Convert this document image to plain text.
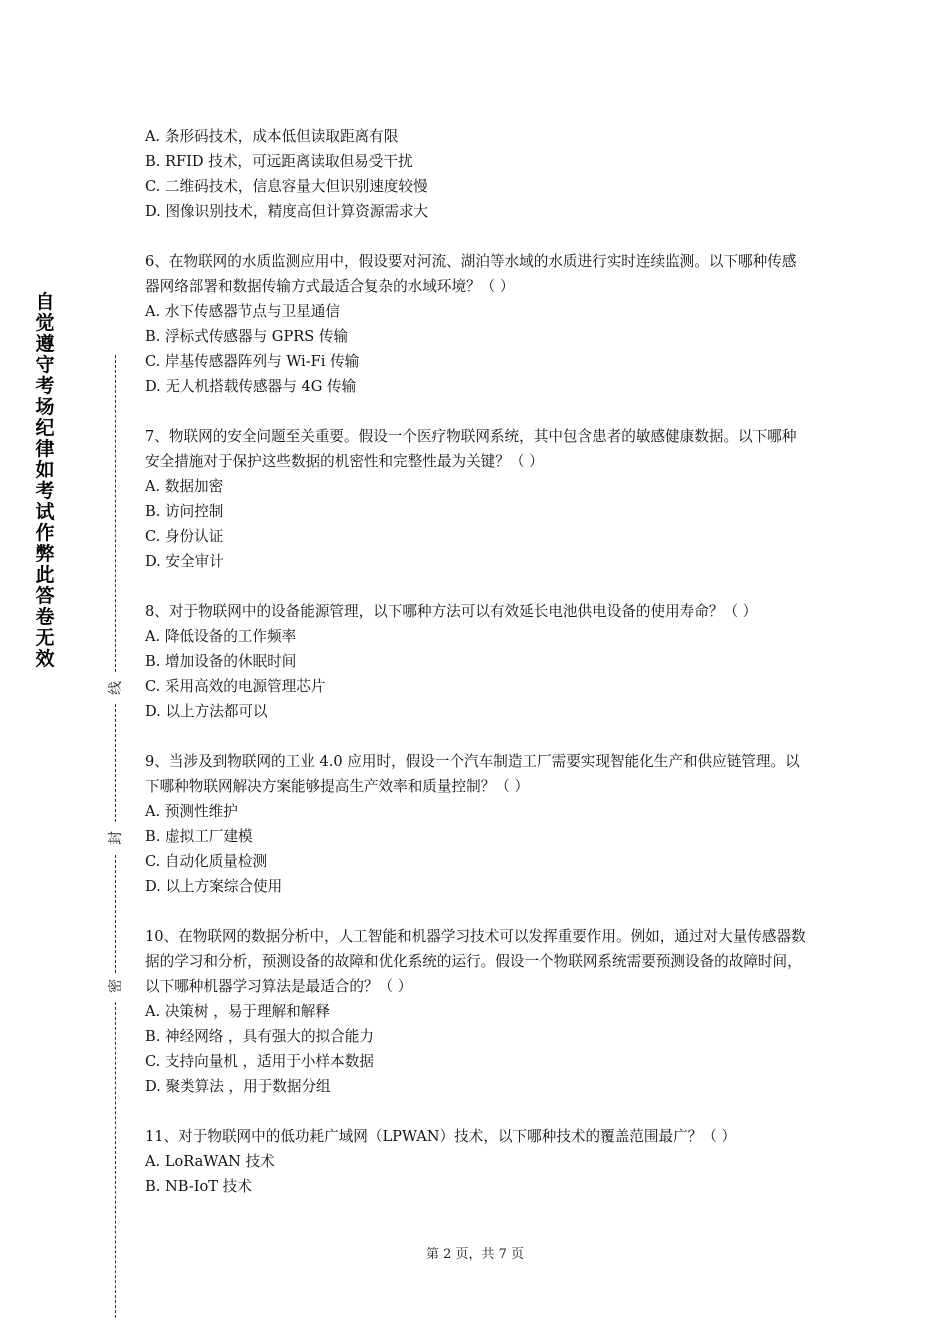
自觉遵守考场纪律如考试作弊此答卷无效
线
封
密

A. 条形码技术，成本低但读取距离有限

B. RFID 技术，可远距离读取但易受干扰

C. 二维码技术，信息容量大但识别速度较慢

D. 图像识别技术，精度高但计算资源需求大

6、在物联网的水质监测应用中，假设要对河流、湖泊等水域的水质进行实时连续监测。以下哪种传感器网络部署和数据传输方式最适合复杂的水域环境？（ ）

A. 水下传感器节点与卫星通信

B. 浮标式传感器与 GPRS 传输

C. 岸基传感器阵列与 Wi-Fi 传输

D. 无人机搭载传感器与 4G 传输

7、物联网的安全问题至关重要。假设一个医疗物联网系统，其中包含患者的敏感健康数据。以下哪种安全措施对于保护这些数据的机密性和完整性最为关键？（ ）

A. 数据加密

B. 访问控制

C. 身份认证

D. 安全审计

8、对于物联网中的设备能源管理，以下哪种方法可以有效延长电池供电设备的使用寿命？（ ）

A. 降低设备的工作频率

B. 增加设备的休眠时间

C. 采用高效的电源管理芯片

D. 以上方法都可以

9、当涉及到物联网的工业 4.0 应用时，假设一个汽车制造工厂需要实现智能化生产和供应链管理。以下哪种物联网解决方案能够提高生产效率和质量控制？（ ）

A. 预测性维护

B. 虚拟工厂建模

C. 自动化质量检测

D. 以上方案综合使用

10、在物联网的数据分析中，人工智能和机器学习技术可以发挥重要作用。例如，通过对大量传感器数据的学习和分析，预测设备的故障和优化系统的运行。假设一个物联网系统需要预测设备的故障时间，以下哪种机器学习算法是最适合的？（ ）

A. 决策树 ，易于理解和解释

B. 神经网络 ，具有强大的拟合能力

C. 支持向量机 ，适用于小样本数据

D. 聚类算法 ，用于数据分组

11、对于物联网中的低功耗广域网（LPWAN）技术，以下哪种技术的覆盖范围最广？（ ）

A. LoRaWAN 技术

B. NB-IoT 技术

第 2 页，共 7 页
